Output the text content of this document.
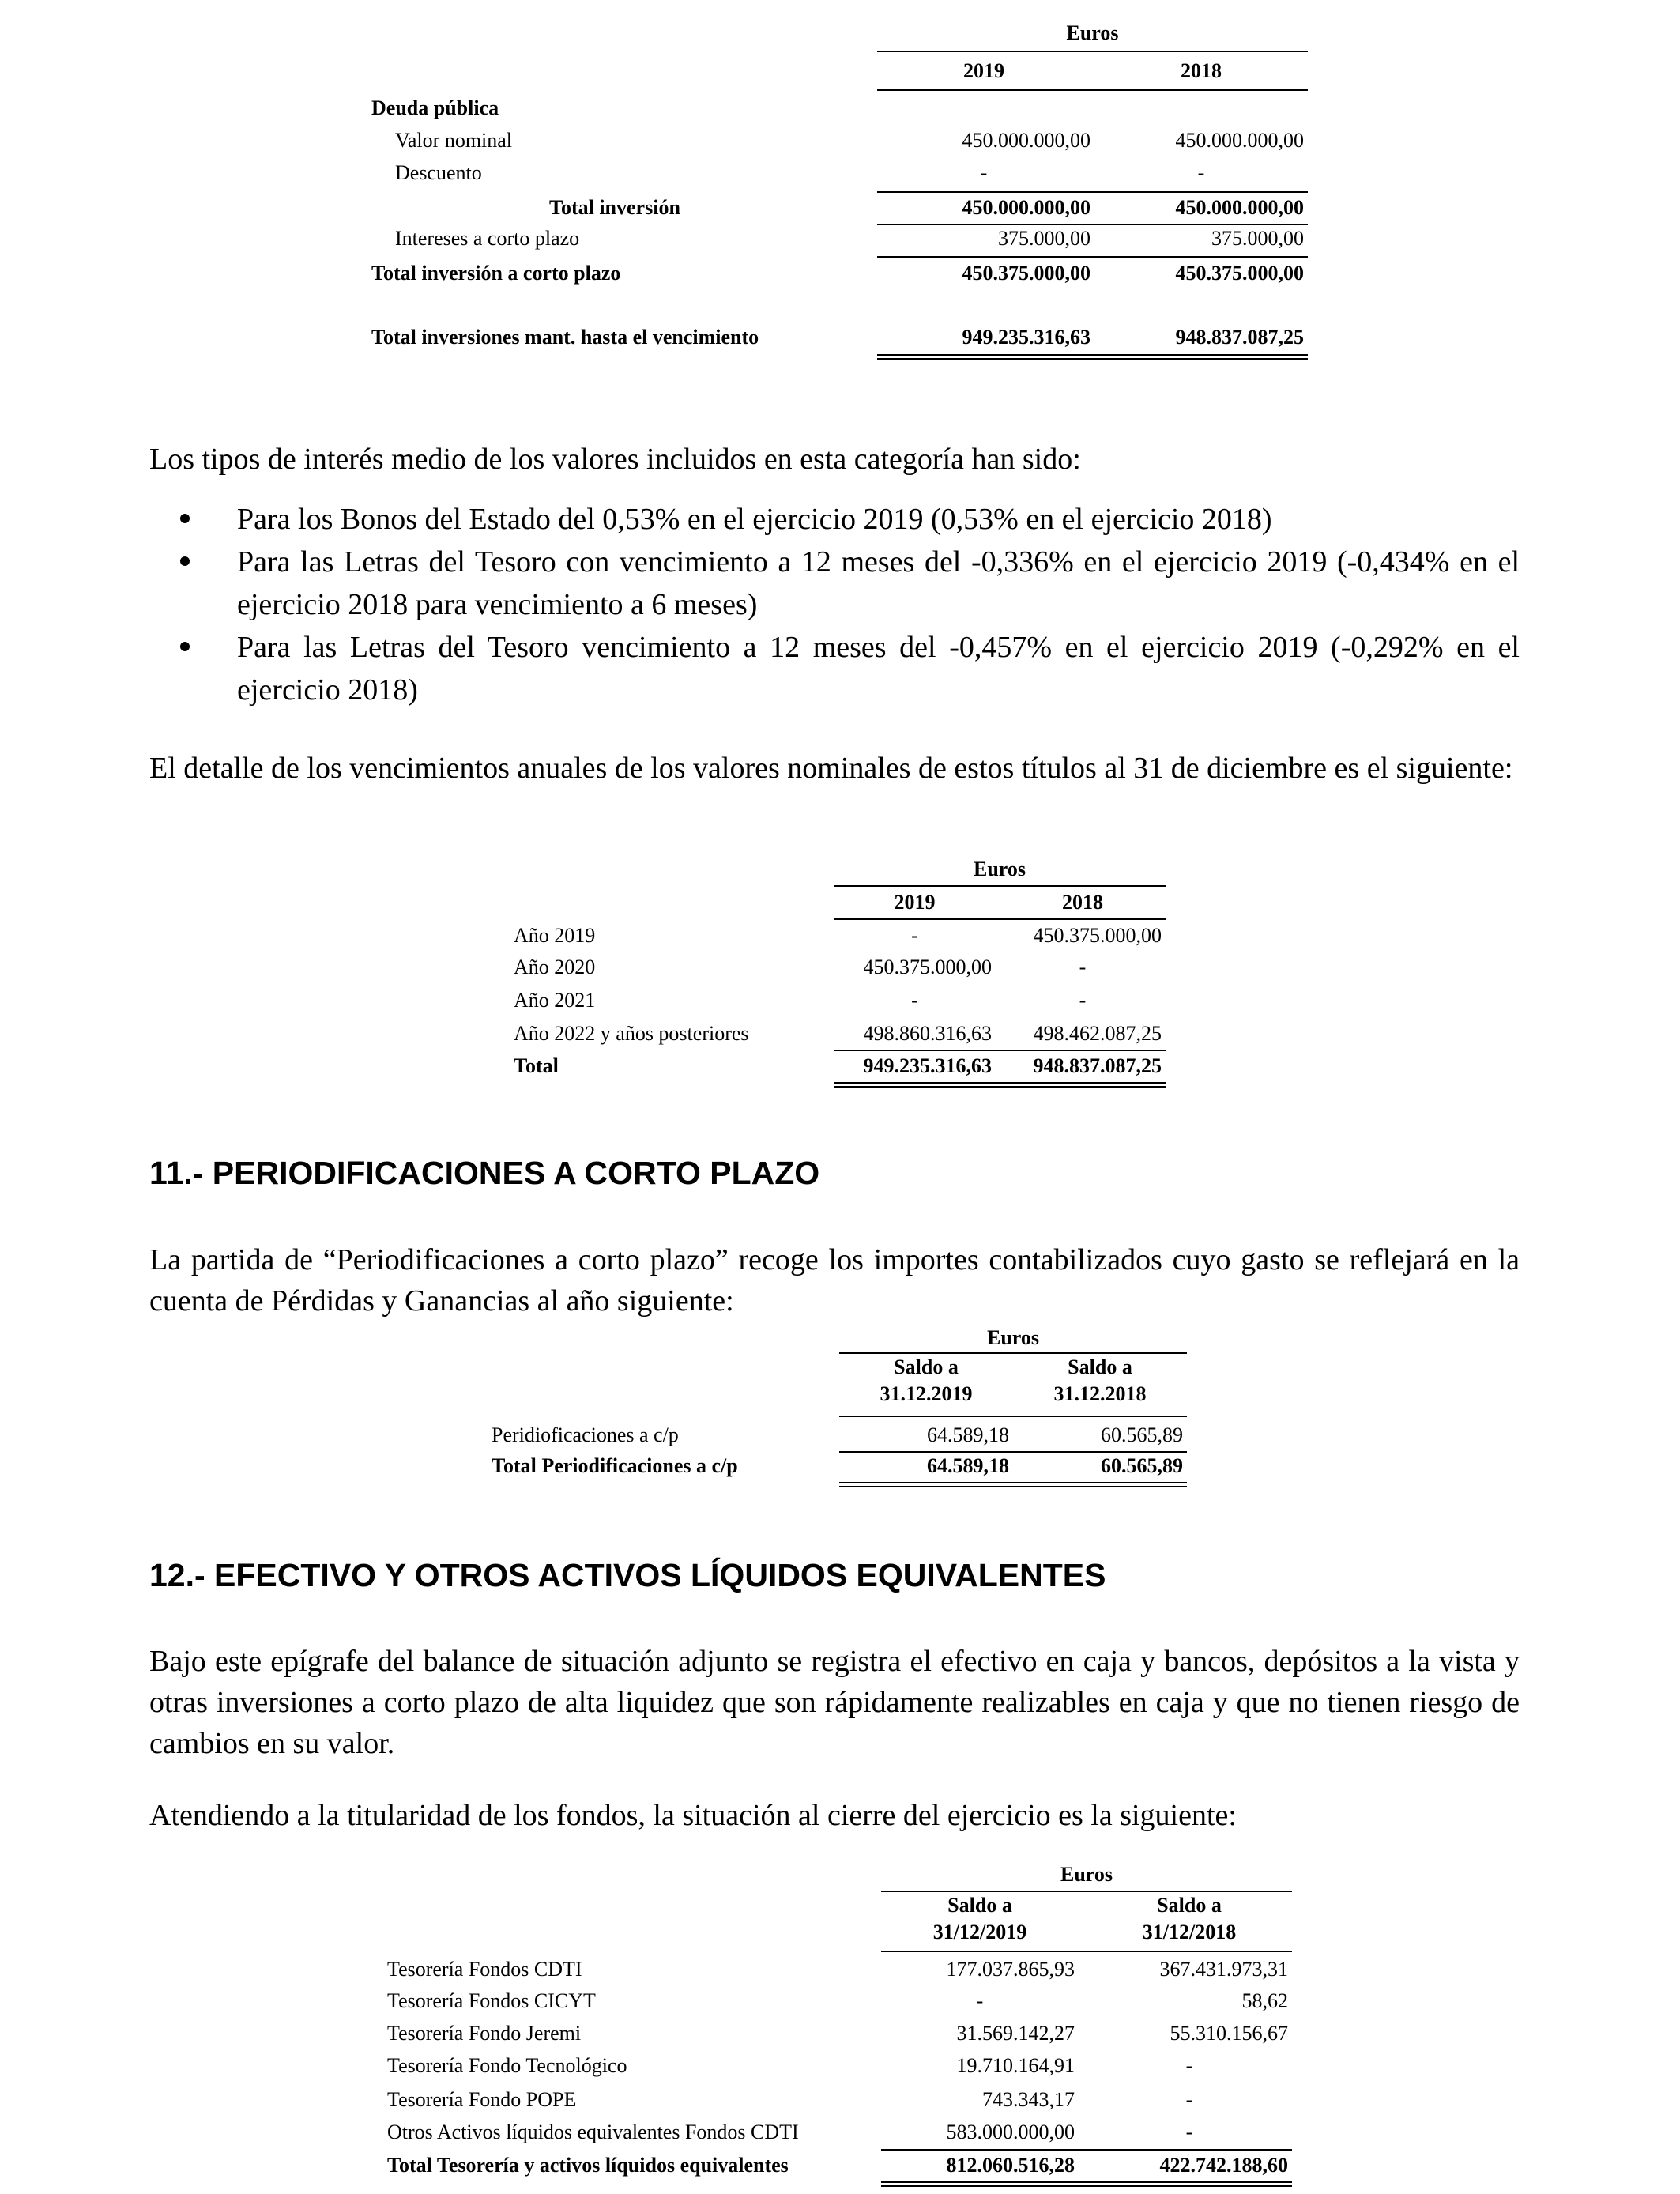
Euros
2019	2018
Deuda pública
Valor nominal	450.000.000,00	450.000.000,00
Descuento	-	-
Total inversión	450.000.000,00	450.000.000,00
Intereses a corto plazo	375.000,00	375.000,00
Total inversión a corto plazo	450.375.000,00	450.375.000,00
Total inversiones mant. hasta el vencimiento	949.235.316,63	948.837.087,25

Los tipos de interés medio de los valores incluidos en esta categoría han sido:

Para los Bonos del Estado del 0,53% en el ejercicio 2019 (0,53% en el ejercicio 2018)
Para las Letras del Tesoro con vencimiento a 12 meses del -0,336% en el ejercicio 2019 (-0,434% en el ejercicio 2018 para vencimiento a 6 meses)
Para las Letras del Tesoro vencimiento a 12 meses del -0,457% en el ejercicio 2019 (-0,292% en el ejercicio 2018)

El detalle de los vencimientos anuales de los valores nominales de estos títulos al 31 de diciembre es el siguiente:

Euros
2019	2018
Año 2019	-	450.375.000,00
Año 2020	450.375.000,00	-
Año 2021	-	-
Año 2022 y años posteriores	498.860.316,63	498.462.087,25
Total	949.235.316,63	948.837.087,25
11.- PERIODIFICACIONES A CORTO PLAZO

La partida de “Periodificaciones a corto plazo” recoge los importes contabilizados cuyo gasto se reflejará en la cuenta de Pérdidas y Ganancias al año siguiente:

Euros
Saldo a
31.12.2019
Saldo a
31.12.2018
Peridioficaciones a c/p	64.589,18	60.565,89
Total Periodificaciones a c/p	64.589,18	60.565,89
12.- EFECTIVO Y OTROS ACTIVOS LÍQUIDOS EQUIVALENTES

Bajo este epígrafe del balance de situación adjunto se registra el efectivo en caja y bancos, depósitos a la vista y otras inversiones a corto plazo de alta liquidez que son rápidamente realizables en caja y que no tienen riesgo de cambios en su valor.

Atendiendo a la titularidad de los fondos, la situación al cierre del ejercicio es la siguiente:

Euros
Saldo a
31/12/2019
Saldo a
31/12/2018
Tesorería Fondos CDTI	177.037.865,93	367.431.973,31
Tesorería Fondos CICYT	-	58,62
Tesorería Fondo Jeremi	31.569.142,27	55.310.156,67
Tesorería Fondo Tecnológico	19.710.164,91	-
Tesorería Fondo POPE	743.343,17	-
Otros Activos líquidos equivalentes Fondos CDTI	583.000.000,00	-
Total Tesorería y activos líquidos equivalentes	812.060.516,28	422.742.188,60
